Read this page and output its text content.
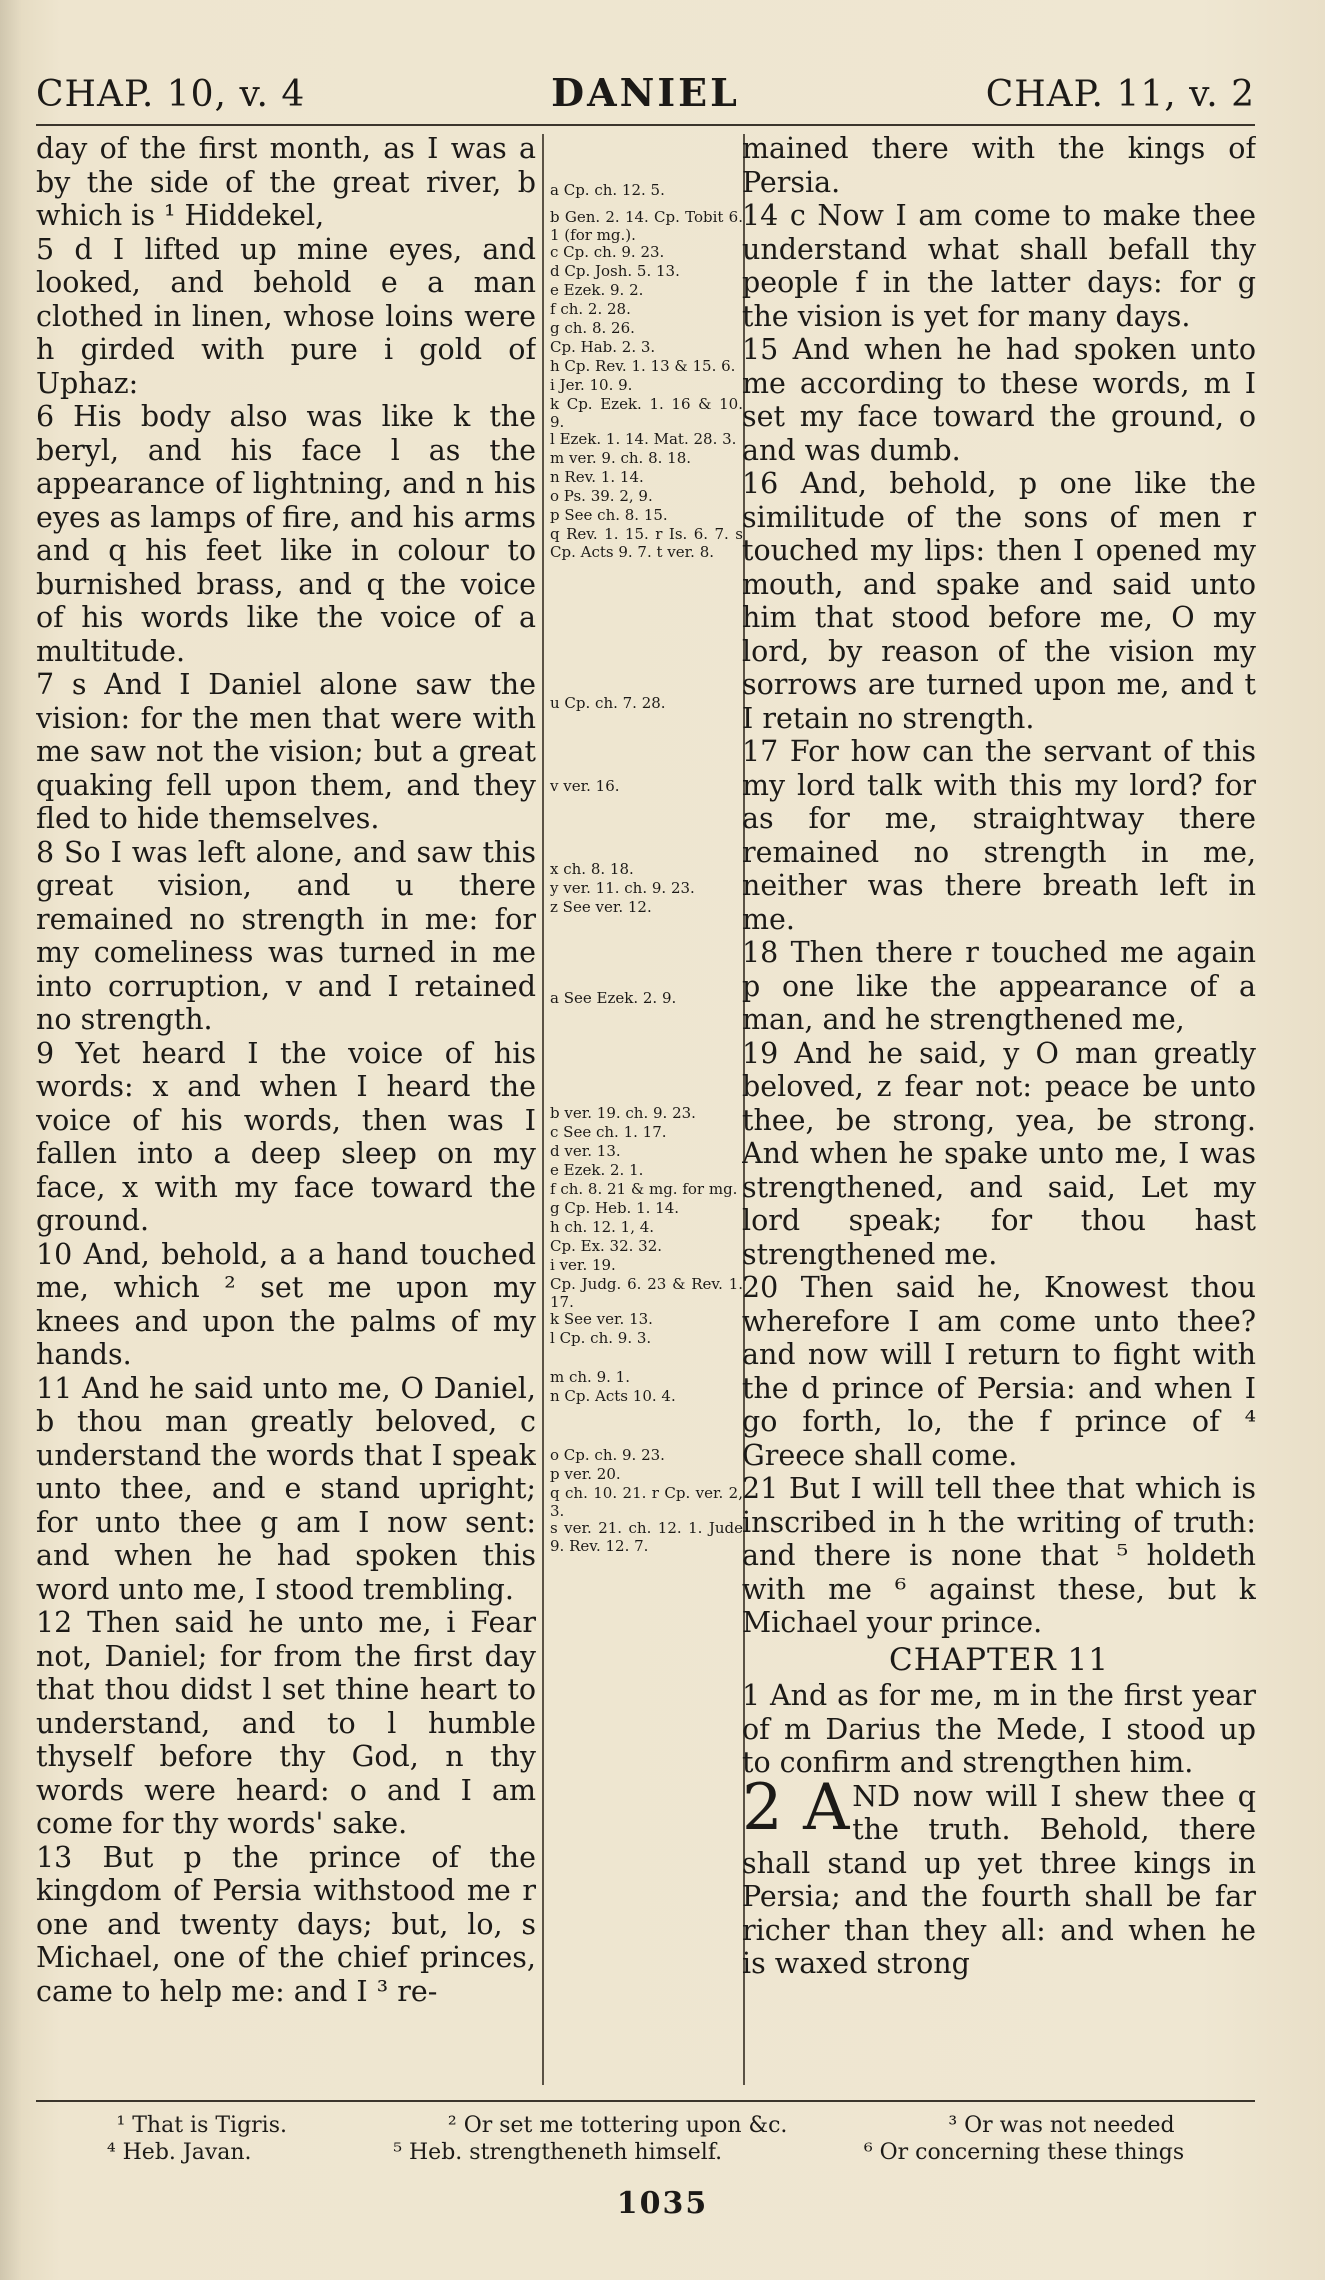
CHAP. 10, v. 4	DANIEL	CHAP. 11, v. 2

day of the first month, as I was a by the side of the great river, b which is ¹ Hiddekel,

5 d I lifted up mine eyes, and looked, and behold e a man clothed in linen, whose loins were h girded with pure i gold of Uphaz:

6 His body also was like k the beryl, and his face l as the appearance of lightning, and n his eyes as lamps of fire, and his arms and q his feet like in colour to burnished brass, and q the voice of his words like the voice of a multitude.

7 s And I Daniel alone saw the vision: for the men that were with me saw not the vision; but a great quaking fell upon them, and they fled to hide themselves.

8 So I was left alone, and saw this great vision, and u there remained no strength in me: for my comeliness was turned in me into corruption, v and I retained no strength.

9 Yet heard I the voice of his words: x and when I heard the voice of his words, then was I fallen into a deep sleep on my face, x with my face toward the ground.

10 And, behold, a a hand touched me, which ² set me upon my knees and upon the palms of my hands.

11 And he said unto me, O Daniel, b thou man greatly beloved, c understand the words that I speak unto thee, and e stand upright; for unto thee g am I now sent: and when he had spoken this word unto me, I stood trembling.

12 Then said he unto me, i Fear not, Daniel; for from the first day that thou didst l set thine heart to understand, and to l humble thyself before thy God, n thy words were heard: o and I am come for thy words' sake.

13 But p the prince of the kingdom of Persia withstood me r one and twenty days; but, lo, s Michael, one of the chief princes, came to help me: and I ³ re-

a Cp. ch. 12. 5.
b Gen. 2. 14. Cp. Tobit 6. 1 (for mg.).
c Cp. ch. 9. 23.
d Cp. Josh. 5. 13.
e Ezek. 9. 2.
f ch. 2. 28.
g ch. 8. 26.
Cp. Hab. 2. 3.
h Cp. Rev. 1. 13 & 15. 6.
i Jer. 10. 9.
k Cp. Ezek. 1. 16 & 10. 9.
l Ezek. 1. 14. Mat. 28. 3.
m ver. 9. ch. 8. 18.
n Rev. 1. 14.
o Ps. 39. 2, 9.
p See ch. 8. 15.
q Rev. 1. 15. r Is. 6. 7. s Cp. Acts 9. 7. t ver. 8.
u Cp. ch. 7. 28.
v ver. 16.
x ch. 8. 18.
y ver. 11. ch. 9. 23.
z See ver. 12.
a See Ezek. 2. 9.
b ver. 19. ch. 9. 23.
c See ch. 1. 17.
d ver. 13.
e Ezek. 2. 1.
f ch. 8. 21 & mg. for mg.
g Cp. Heb. 1. 14.
h ch. 12. 1, 4.
Cp. Ex. 32. 32.
i ver. 19.
Cp. Judg. 6. 23 & Rev. 1. 17.
k See ver. 13.
l Cp. ch. 9. 3.
m ch. 9. 1.
n Cp. Acts 10. 4.
o Cp. ch. 9. 23.
p ver. 20.
q ch. 10. 21. r Cp. ver. 2, 3.
s ver. 21. ch. 12. 1. Jude 9. Rev. 12. 7.

mained there with the kings of Persia.

14 c Now I am come to make thee understand what shall befall thy people f in the latter days: for g the vision is yet for many days.

15 And when he had spoken unto me according to these words, m I set my face toward the ground, o and was dumb.

16 And, behold, p one like the similitude of the sons of men r touched my lips: then I opened my mouth, and spake and said unto him that stood before me, O my lord, by reason of the vision my sorrows are turned upon me, and t I retain no strength.

17 For how can the servant of this my lord talk with this my lord? for as for me, straightway there remained no strength in me, neither was there breath left in me.

18 Then there r touched me again p one like the appearance of a man, and he strengthened me,

19 And he said, y O man greatly beloved, z fear not: peace be unto thee, be strong, yea, be strong. And when he spake unto me, I was strengthened, and said, Let my lord speak; for thou hast strengthened me.

20 Then said he, Knowest thou wherefore I am come unto thee? and now will I return to fight with the d prince of Persia: and when I go forth, lo, the f prince of ⁴ Greece shall come.

21 But I will tell thee that which is inscribed in h the writing of truth: and there is none that ⁵ holdeth with me ⁶ against these, but k Michael your prince.

CHAPTER 11

1 And as for me, m in the first year of m Darius the Mede, I stood up to confirm and strengthen him.

2 A ND now will I shew thee q the truth. Behold, there shall stand up yet three kings in Persia; and the fourth shall be far richer than they all: and when he is waxed strong

¹ That is Tigris.	² Or set me tottering upon &c.	³ Or was not needed
⁴ Heb. Javan.	⁵ Heb. strengtheneth himself.	⁶ Or concerning these things
1035
